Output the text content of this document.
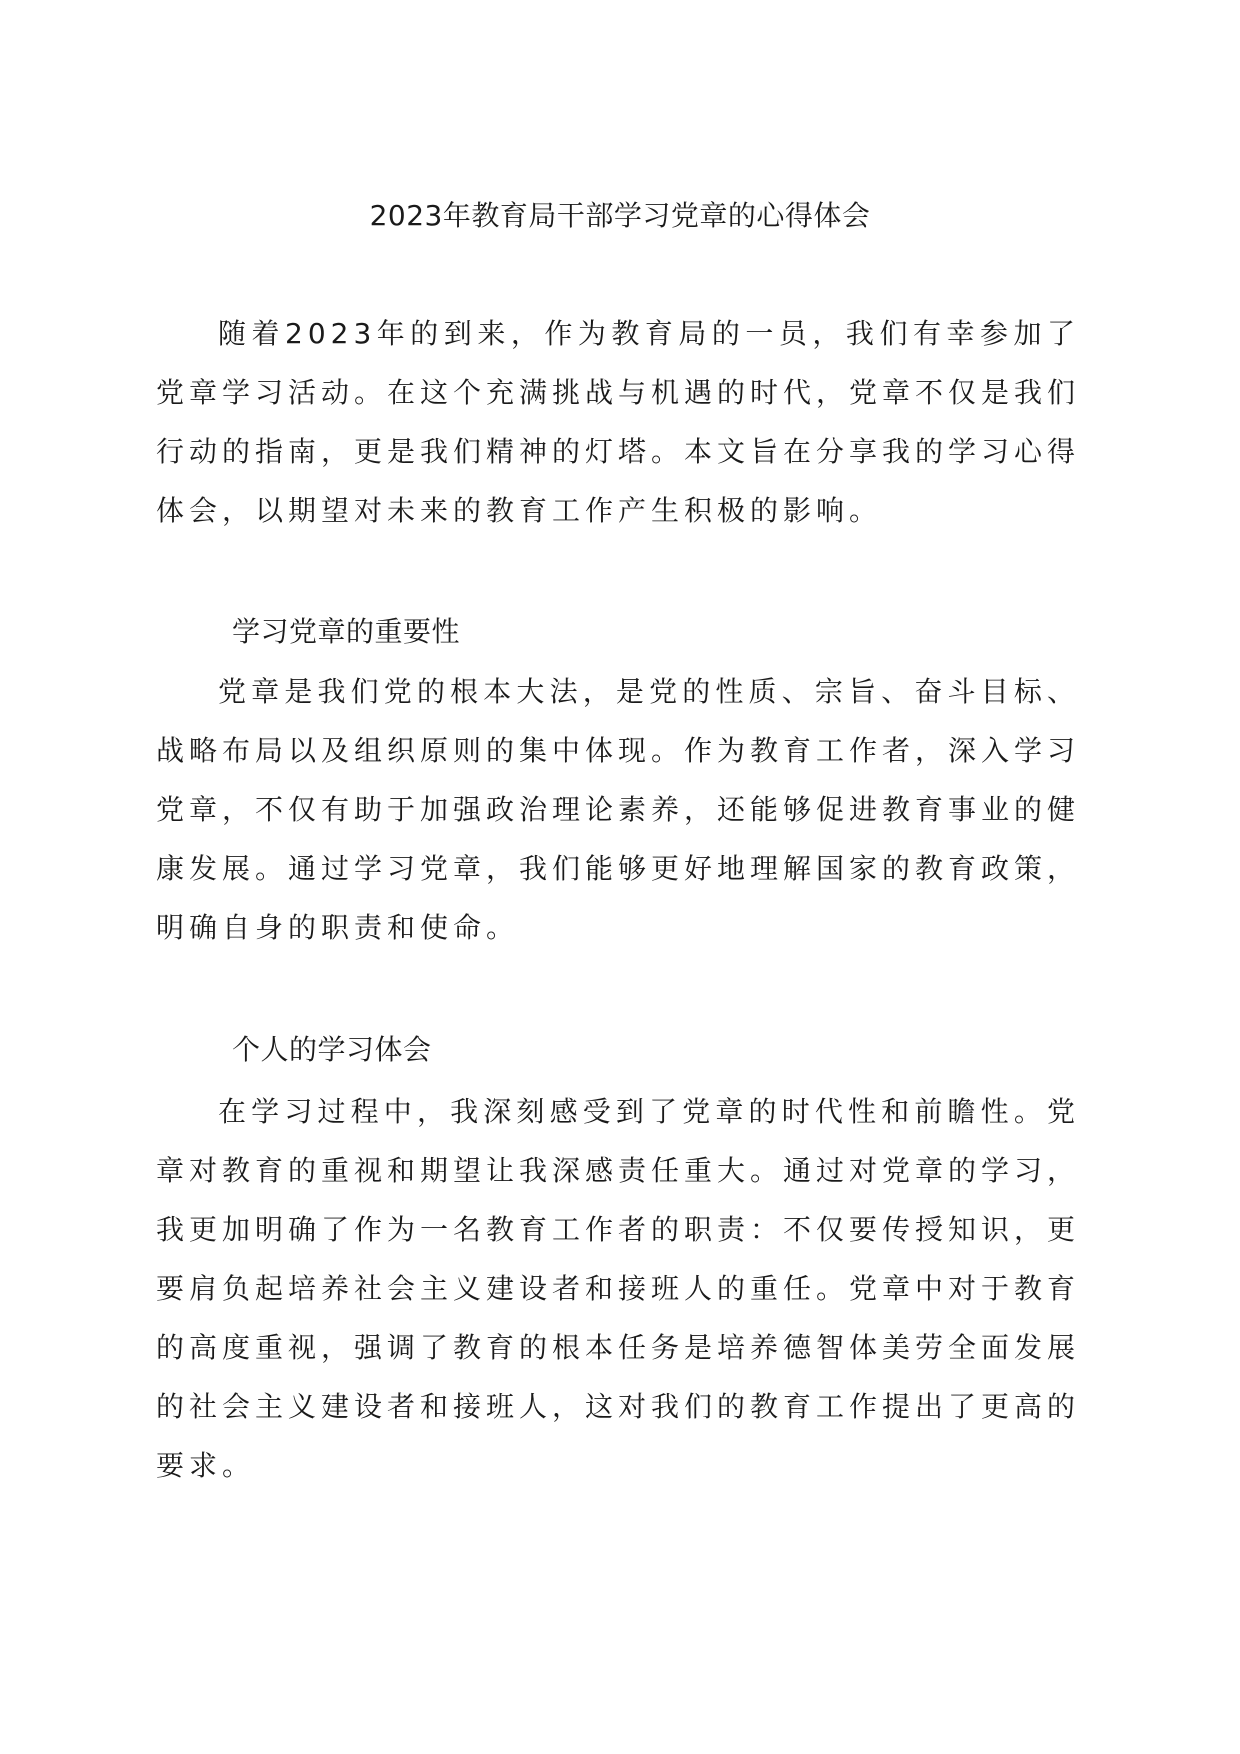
2023年教育局干部学习党章的心得体会

随着2023年的到来，作为教育局的一员，我们有幸参加了党章学习活动。在这个充满挑战与机遇的时代，党章不仅是我们行动的指南，更是我们精神的灯塔。本文旨在分享我的学习心得体会，以期望对未来的教育工作产生积极的影响。

学习党章的重要性

党章是我们党的根本大法，是党的性质、宗旨、奋斗目标、战略布局以及组织原则的集中体现。作为教育工作者，深入学习党章，不仅有助于加强政治理论素养，还能够促进教育事业的健康发展。通过学习党章，我们能够更好地理解国家的教育政策，明确自身的职责和使命。

个人的学习体会

在学习过程中，我深刻感受到了党章的时代性和前瞻性。党章对教育的重视和期望让我深感责任重大。通过对党章的学习，我更加明确了作为一名教育工作者的职责：不仅要传授知识，更要肩负起培养社会主义建设者和接班人的重任。党章中对于教育的高度重视，强调了教育的根本任务是培养德智体美劳全面发展的社会主义建设者和接班人，这对我们的教育工作提出了更高的要求。
